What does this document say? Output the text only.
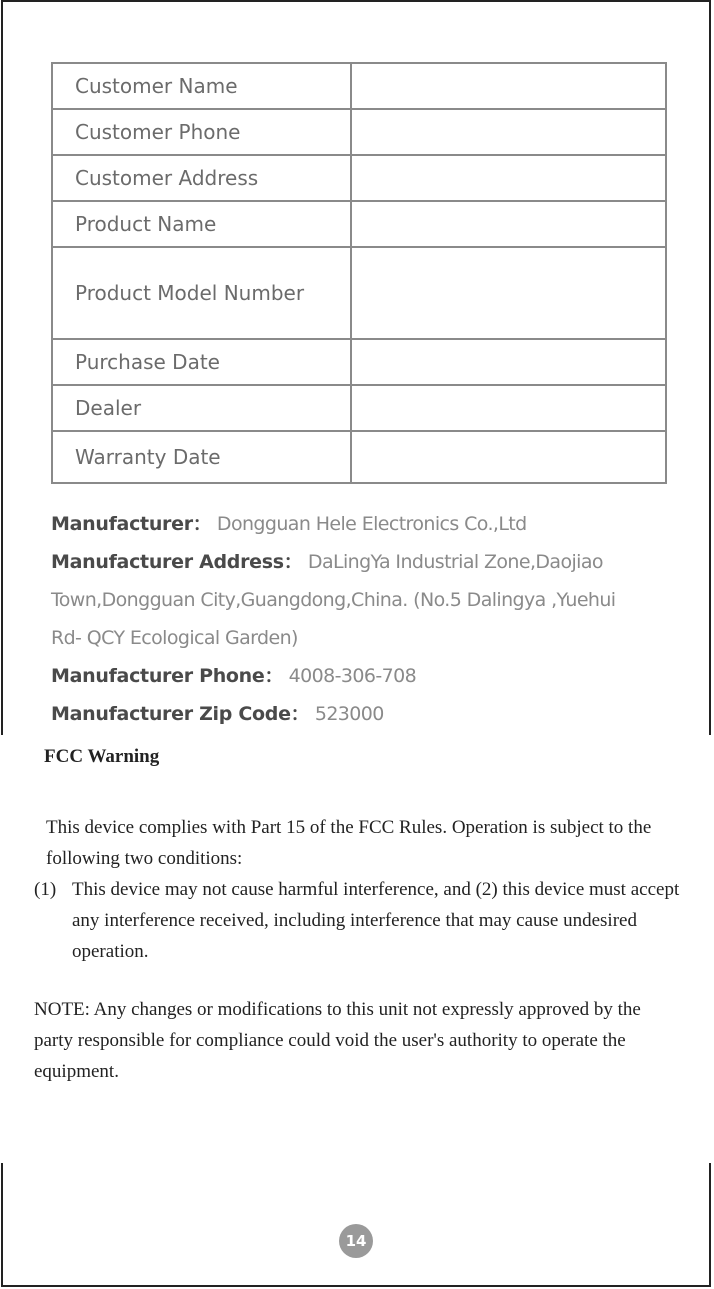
Customer Name	
Customer Phone	
Customer Address	
Product Name	
Product Model Number	
Purchase Date	
Dealer	
Warranty Date	
Manufacturer： Dongguan Hele Electronics Co.,Ltd
Manufacturer Address： DaLingYa Industrial Zone,Daojiao
Town,Dongguan City,Guangdong,China. (No.5 Dalingya ,Yuehui
Rd- QCY Ecological Garden)
Manufacturer Phone： 4008-306-708
Manufacturer Zip Code： 523000
FCC Warning
This device complies with Part 15 of the FCC Rules. Operation is subject to the following two conditions:
(1) This device may not cause harmful interference, and (2) this device must accept any interference received, including interference that may cause undesired operation.
NOTE: Any changes or modifications to this unit not expressly approved by the party responsible for compliance could void the user's authority to operate the equipment.
14
